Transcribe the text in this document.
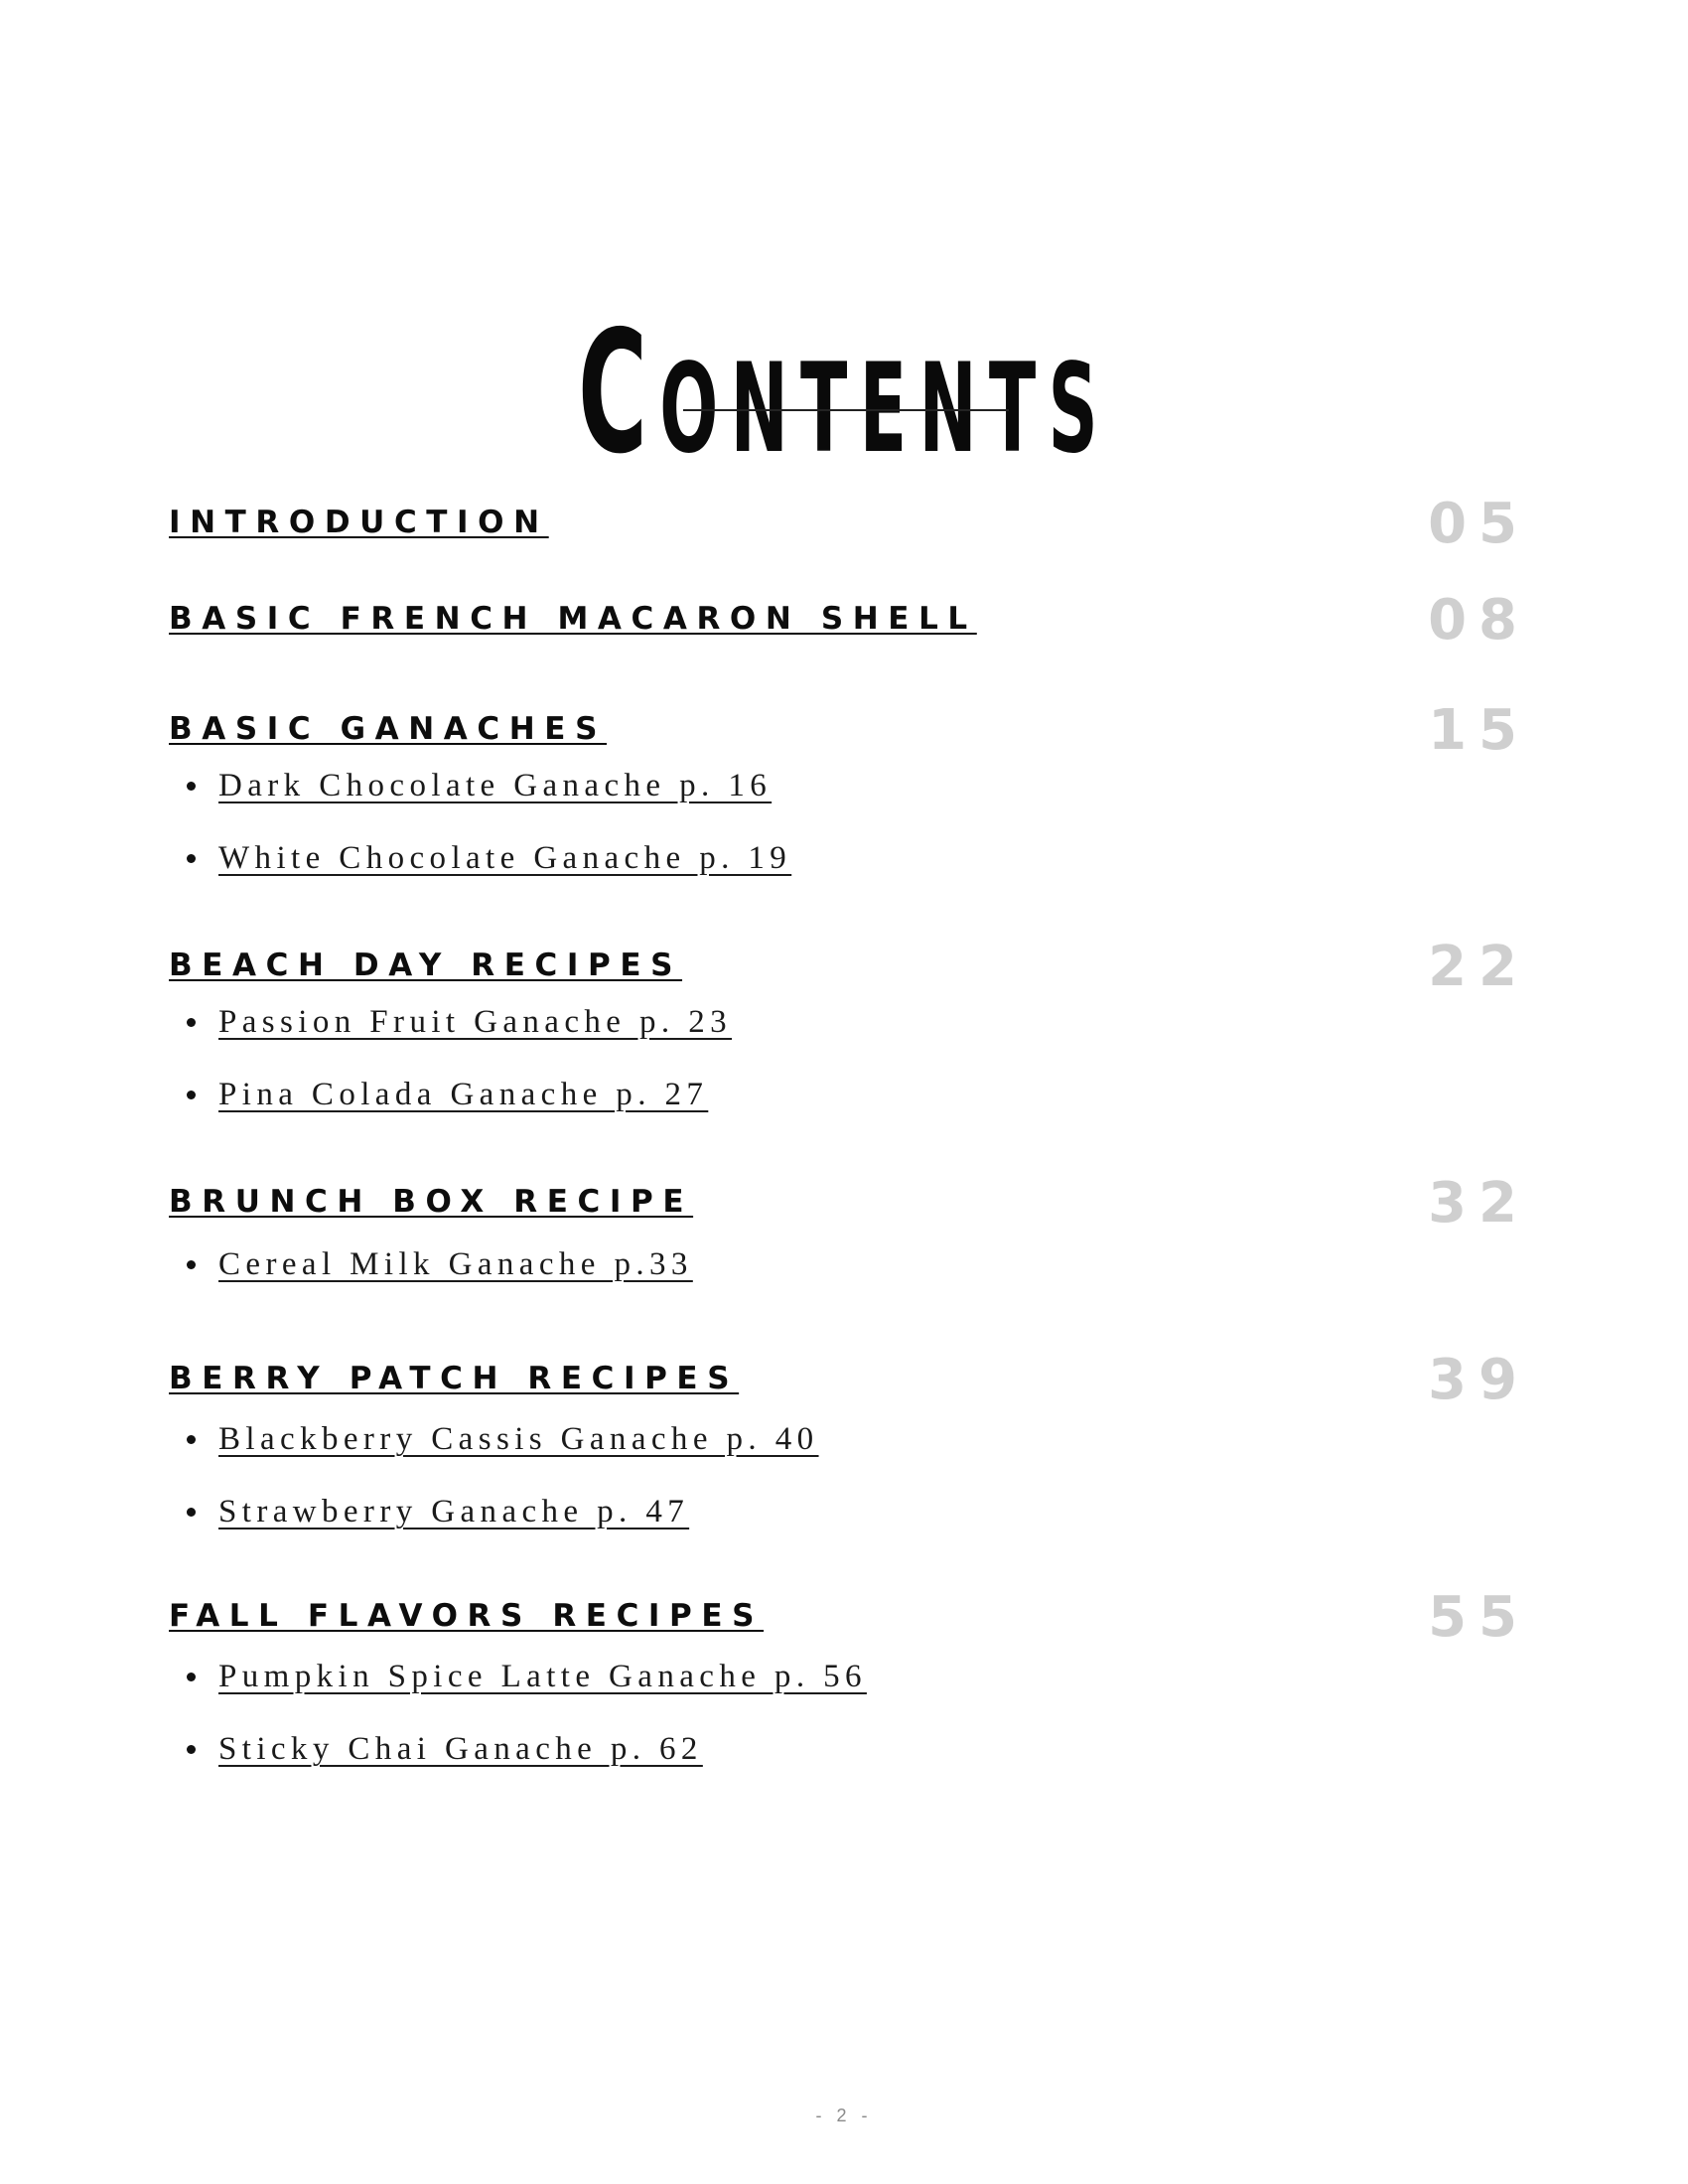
CONTENTS
INTRODUCTION	05
BASIC FRENCH MACARON SHELL	08
BASIC GANACHES	15
Dark Chocolate Ganache p. 16
White Chocolate Ganache p. 19
BEACH DAY RECIPES	22
Passion Fruit Ganache p. 23
Pina Colada Ganache p. 27
BRUNCH BOX RECIPE	32
Cereal Milk Ganache p.33
BERRY PATCH RECIPES	39
Blackberry Cassis Ganache p. 40
Strawberry Ganache p. 47
FALL FLAVORS RECIPES	55
Pumpkin Spice Latte Ganache p. 56
Sticky Chai Ganache p. 62
- 2 -
